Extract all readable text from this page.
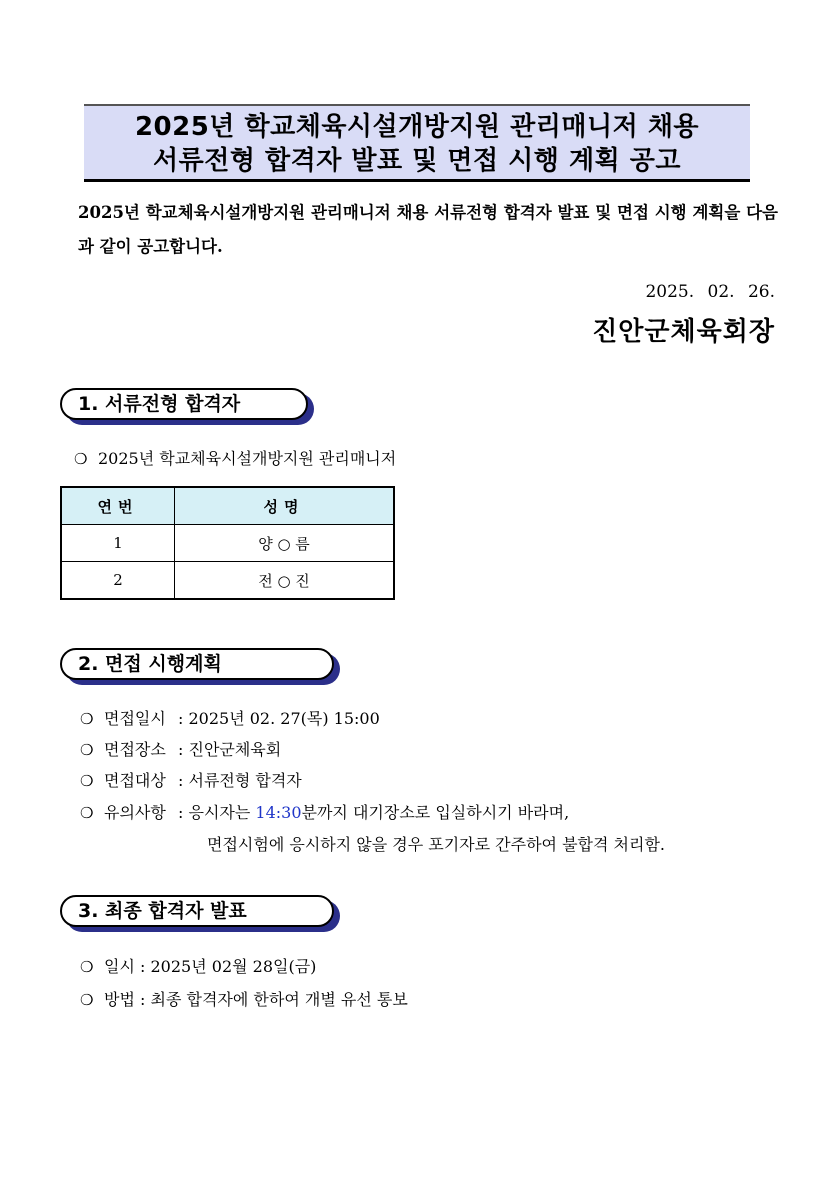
2025년 학교체육시설개방지원 관리매니저 채용
서류전형 합격자 발표 및 면접 시행 계획 공고
2025년 학교체육시설개방지원 관리매니저 채용 서류전형 합격자 발표 및 면접 시행 계획을 다음과 같이 공고합니다.
2025. 02. 26.
진안군체육회장
1. 서류전형 합격자
❍ 2025년 학교체육시설개방지원 관리매니저
연번	성명
1	양 ○ 름
2	전 ○ 진
2. 면접 시행계획
❍ 면접일시 : 2025년 02. 27(목) 15:00
❍ 면접장소 : 진안군체육회
❍ 면접대상 : 서류전형 합격자
❍ 유의사항 : 응시자는 14:30분까지 대기장소로 입실하시기 바라며,
면접시험에 응시하지 않을 경우 포기자로 간주하여 불합격 처리함.
3. 최종 합격자 발표
❍ 일시 : 2025년 02월 28일(금)
❍ 방법 : 최종 합격자에 한하여 개별 유선 통보
